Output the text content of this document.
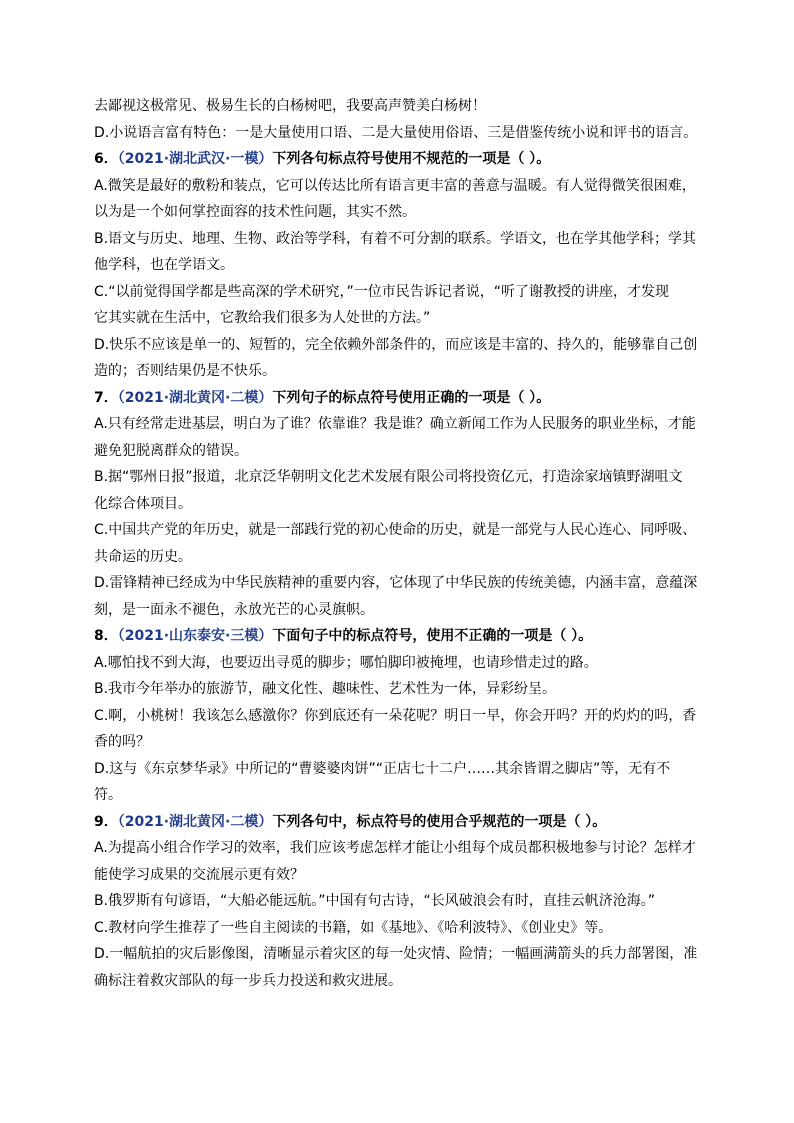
去鄙视这极常见、极易生长的白杨树吧，我要高声赞美白杨树！
D.小说语言富有特色：一是大量使用口语、二是大量使用俗语、三是借鉴传统小说和评书的语言。
6．（2021·湖北武汉·一模）下列各句标点符号使用不规范的一项是（ ）。
A.微笑是最好的敷粉和装点，它可以传达比所有语言更丰富的善意与温暖。有人觉得微笑很困难，
以为是一个如何掌控面容的技术性问题，其实不然。
B.语文与历史、地理、生物、政治等学科，有着不可分割的联系。学语文，也在学其他学科；学其
他学科，也在学语文。
C.“以前觉得国学都是些高深的学术研究，”一位市民告诉记者说，“听了谢教授的讲座，才发现
它其实就在生活中，它教给我们很多为人处世的方法。”
D.快乐不应该是单一的、短暂的，完全依赖外部条件的，而应该是丰富的、持久的，能够靠自己创
造的；否则结果仍是不快乐。
7．（2021·湖北黄冈·二模）下列句子的标点符号使用正确的一项是（ ）。
A.只有经常走进基层，明白为了谁？依靠谁？我是谁？确立新闻工作为人民服务的职业坐标，才能
避免犯脱离群众的错误。
B.据“鄂州日报”报道，北京泛华朝明文化艺术发展有限公司将投资亿元，打造涂家垴镇野湖咀文
化综合体项目。
C.中国共产党的年历史，就是一部践行党的初心使命的历史，就是一部党与人民心连心、同呼吸、
共命运的历史。
D.雷锋精神已经成为中华民族精神的重要内容，它体现了中华民族的传统美德，内涵丰富，意蕴深
刻，是一面永不褪色，永放光芒的心灵旗帜。
8．（2021·山东泰安·三模）下面句子中的标点符号，使用不正确的一项是（ ）。
A.哪怕找不到大海，也要迈出寻觅的脚步；哪怕脚印被掩埋，也请珍惜走过的路。
B.我市今年举办的旅游节，融文化性、趣味性、艺术性为一体，异彩纷呈。
C.啊，小桃树！我该怎么感激你？你到底还有一朵花呢？明日一早，你会开吗？开的灼灼的吗，香
香的吗？
D.这与《东京梦华录》中所记的“曹婆婆肉饼”“正店七十二户……其余皆谓之脚店”等，无有不
符。
9．（2021·湖北黄冈·二模）下列各句中，标点符号的使用合乎规范的一项是（ ）。
A.为提高小组合作学习的效率，我们应该考虑怎样才能让小组每个成员都积极地参与讨论？怎样才
能使学习成果的交流展示更有效？
B.俄罗斯有句谚语，“大船必能远航。”中国有句古诗，“长风破浪会有时，直挂云帆济沧海。”
C.教材向学生推荐了一些自主阅读的书籍，如《基地》、《哈利波特》、《创业史》等。
D.一幅航拍的灾后影像图，清晰显示着灾区的每一处灾情、险情；一幅画满箭头的兵力部署图，准
确标注着救灾部队的每一步兵力投送和救灾进展。
